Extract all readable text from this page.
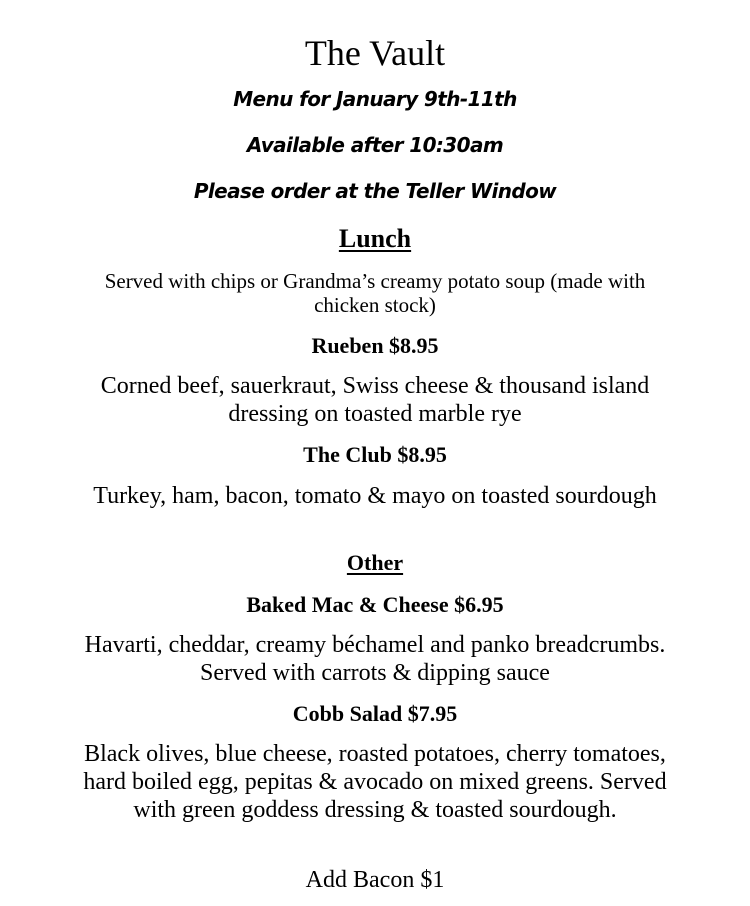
The Vault
Menu for January 9th-11th
Available after 10:30am
Please order at the Teller Window
Lunch
Served with chips or Grandma’s creamy potato soup (made with chicken stock)
Rueben $8.95
Corned beef, sauerkraut, Swiss cheese & thousand island dressing on toasted marble rye
The Club $8.95
Turkey, ham, bacon, tomato & mayo on toasted sourdough
Other
Baked Mac & Cheese $6.95
Havarti, cheddar, creamy béchamel and panko breadcrumbs. Served with carrots & dipping sauce
Cobb Salad $7.95
Black olives, blue cheese, roasted potatoes, cherry tomatoes, hard boiled egg, pepitas & avocado on mixed greens. Served with green goddess dressing & toasted sourdough.
Add Bacon $1
